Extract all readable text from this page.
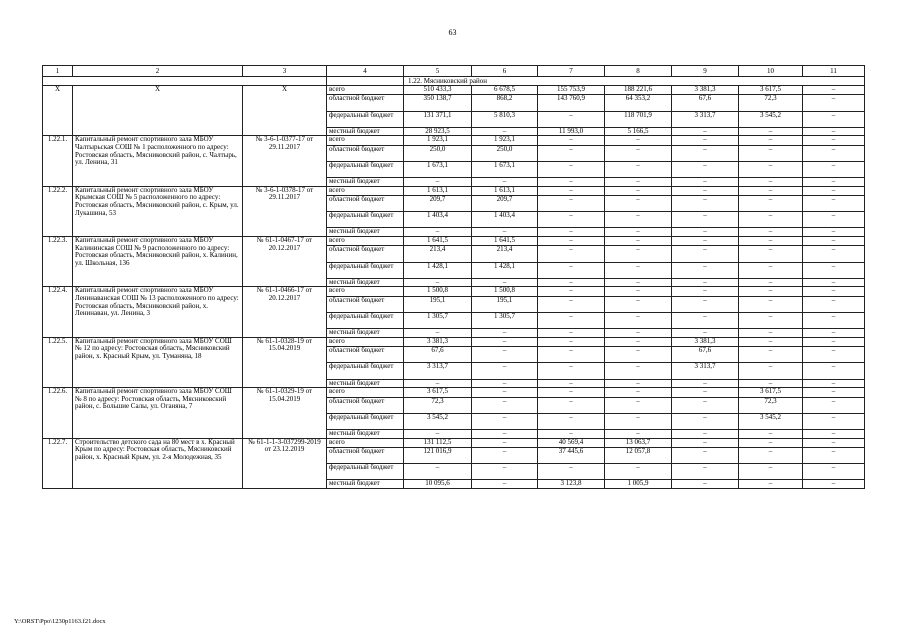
63
1	2	3	4	5	6	7	8	9	10	11
				1.22. Мясниковский район						
Х	Х	Х	всего	510 433,3	6 678,5	155 753,9	188 221,6	3 381,3	3 617,5	–
			областной бюджет	350 138,7	868,2	143 760,9	64 353,2	67,6	72,3	–
			федеральный бюджет	131 371,1	5 810,3	–	118 701,9	3 313,7	3 545,2	–
			местный бюджет	28 923,5	–	11 993,0	5 166,5	–	–	–
1.22.1.	Капитальный ремонт спортивного зала МБОУ Чалтырьская СОШ № 1 расположенного по адресу: Ростовская область, Мясниковский район, с. Чалтырь, ул. Ленина, 31	№ 3-6-1-0377-17 от 29.11.2017	всего	1 923,1	1 923,1	–	–	–	–	–
			областной бюджет	250,0	250,0	–	–	–	–	–
			федеральный бюджет	1 673,1	1 673,1	–	–	–	–	–
			местный бюджет	–	–	–	–	–	–	–
1.22.2.	Капитальный ремонт спортивного зала МБОУ Крымская СОШ № 5 расположенного по адресу: Ростовская область, Мясниковский район, с. Крым, ул. Лукашина, 53	№ 3-6-1-0378-17 от 29.11.2017	всего	1 613,1	1 613,1	–	–	–	–	–
			областной бюджет	209,7	209,7	–	–	–	–	–
			федеральный бюджет	1 403,4	1 403,4	–	–	–	–	–
			местный бюджет	–	–	–	–	–	–	–
1.22.3.	Капитальный ремонт спортивного зала МБОУ Калининская СОШ № 9 расположенного по адресу: Ростовская область, Мясниковский район, х. Калинин, ул. Школьная, 136	№ 61-1-0467-17 от 20.12.2017	всего	1 641,5	1 641,5	–	–	–	–	–
			областной бюджет	213,4	213,4	–	–	–	–	–
			федеральный бюджет	1 428,1	1 428,1	–	–	–	–	–
			местный бюджет	–	–	–	–	–	–	–
1.22.4.	Капитальный ремонт спортивного зала МБОУ Ленинаванская СОШ № 13 расположенного по адресу: Ростовская область, Мясниковский район, х. Ленинаван, ул. Ленина, 3	№ 61-1-0466-17 от 20.12.2017	всего	1 500,8	1 500,8	–	–	–	–	–
			областной бюджет	195,1	195,1	–	–	–	–	–
			федеральный бюджет	1 305,7	1 305,7	–	–	–	–	–
			местный бюджет	–	–	–	–	–	–	–
1.22.5.	Капитальный ремонт спортивного зала МБОУ СОШ № 12 по адресу: Ростовская область, Мясниковский район, х. Красный Крым, ул. Туманяна, 18	№ 61-1-0328-19 от 15.04.2019	всего	3 381,3	–	–	–	3 381,3	–	–
			областной бюджет	67,6	–	–	–	67,6	–	–
			федеральный бюджет	3 313,7	–	–	–	3 313,7	–	–
			местный бюджет	–	–	–	–	–	–	–
1.22.6.	Капитальный ремонт спортивного зала МБОУ СОШ № 8 по адресу: Ростовская область, Мясниковский район, с. Большие Салы, ул. Оганяна, 7	№ 61-1-0329-19 от 15.04.2019	всего	3 617,5	–	–	–	–	3 617,5	–
			областной бюджет	72,3	–	–	–	–	72,3	–
			федеральный бюджет	3 545,2	–	–	–	–	3 545,2	–
			местный бюджет	–	–	–	–	–	–	–
1.22.7.	Строительство детского сада на 80 мест в х. Красный Крым по адресу: Ростовская область, Мясниковский район, х. Красный Крым, ул. 2-я Молодежная, 35	№ 61-1-1-3-037299-2019 от 23.12.2019	всего	131 112,5	–	40 569,4	13 063,7	–	–	–
			областной бюджет	121 016,9	–	37 445,6	12 057,8	–	–	–
			федеральный бюджет	–	–	–	–	–	–	–
			местный бюджет	10 095,6	–	3 123,8	1 005,9	–	–	–
Y:\ORST\Ppo\1230p1163.f21.docx
